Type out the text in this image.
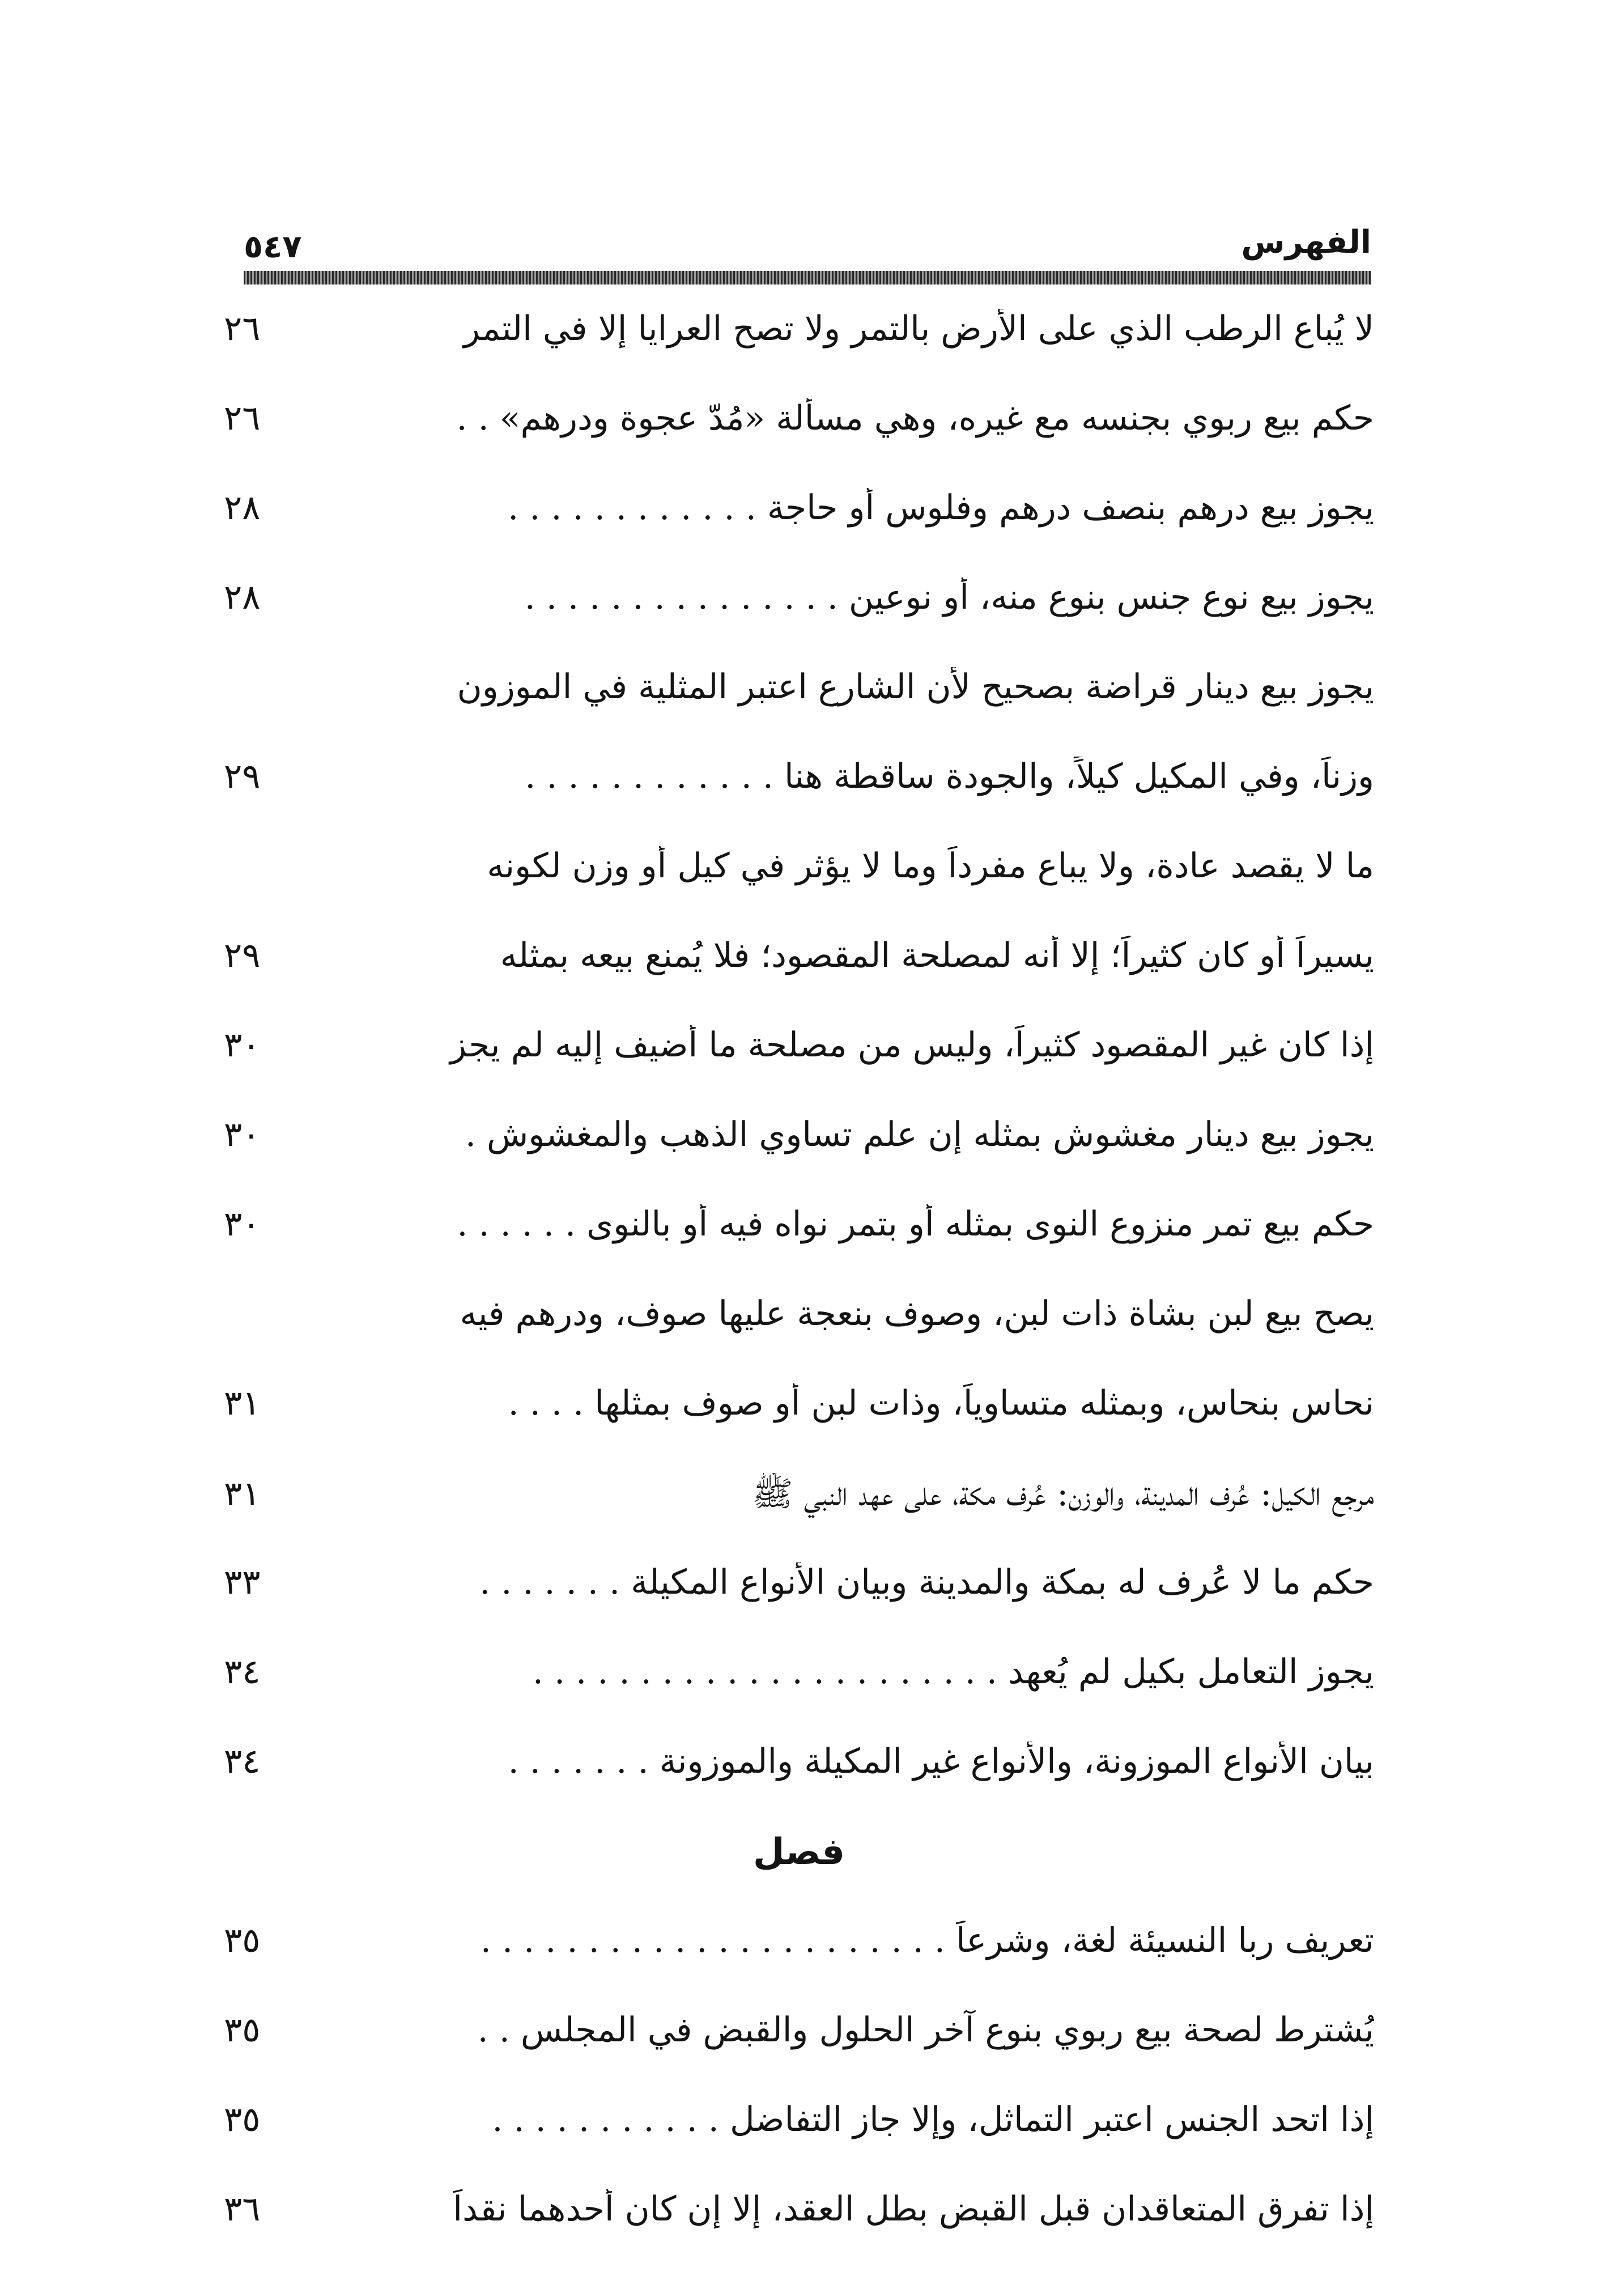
٥٤٧	الفهرس
٢٦	لا يُباع الرطب الذي على الأرض بالتمر ولا تصح العرايا إلا في التمر
٢٦	حكم بيع ربوي بجنسه مع غيره، وهي مسألة «مُدّ عجوة ودرهم» . .
٢٨	يجوز بيع درهم بنصف درهم وفلوس أو حاجة . . . . . . . . . . . .
٢٨	يجوز بيع نوع جنس بنوع منه، أو نوعين . . . . . . . . . . . . . . .
يجوز بيع دينار قراضة بصحيح لأن الشارع اعتبر المثلية في الموزون
٢٩	وزناً، وفي المكيل كيلاً، والجودة ساقطة هنا . . . . . . . . . . . .
ما لا يقصد عادة، ولا يباع مفرداً وما لا يؤثر في كيل أو وزن لكونه
٢٩	يسيراً أو كان كثيراً؛ إلا أنه لمصلحة المقصود؛ فلا يُمنع بيعه بمثله
٣٠	إذا كان غير المقصود كثيراً، وليس من مصلحة ما أضيف إليه لم يجز
٣٠	يجوز بيع دينار مغشوش بمثله إن علم تساوي الذهب والمغشوش .
٣٠	حكم بيع تمر منزوع النوى بمثله أو بتمر نواه فيه أو بالنوى . . . . . .
يصح بيع لبن بشاة ذات لبن، وصوف بنعجة عليها صوف، ودرهم فيه
٣١	نحاس بنحاس، وبمثله متساوياً، وذات لبن أو صوف بمثلها . . . .
٣١	مرجع الكيل: عُرف المدينة، والوزن: عُرف مكة، على عهد النبي ﷺ
٣٣	حكم ما لا عُرف له بمكة والمدينة وبيان الأنواع المكيلة . . . . . . .
٣٤	يجوز التعامل بكيل لم يُعهد . . . . . . . . . . . . . . . . . . . . . .
٣٤	بيان الأنواع الموزونة، والأنواع غير المكيلة والموزونة . . . . . . .
فصل
٣٥	تعريف ربا النسيئة لغة، وشرعاً . . . . . . . . . . . . . . . . . . . . . .
٣٥	يُشترط لصحة بيع ربوي بنوع آخر الحلول والقبض في المجلس . .
٣٥	إذا اتحد الجنس اعتبر التماثل، وإلا جاز التفاضل . . . . . . . . . . .
٣٦	إذا تفرق المتعاقدان قبل القبض بطل العقد، إلا إن كان أحدهما نقداً
